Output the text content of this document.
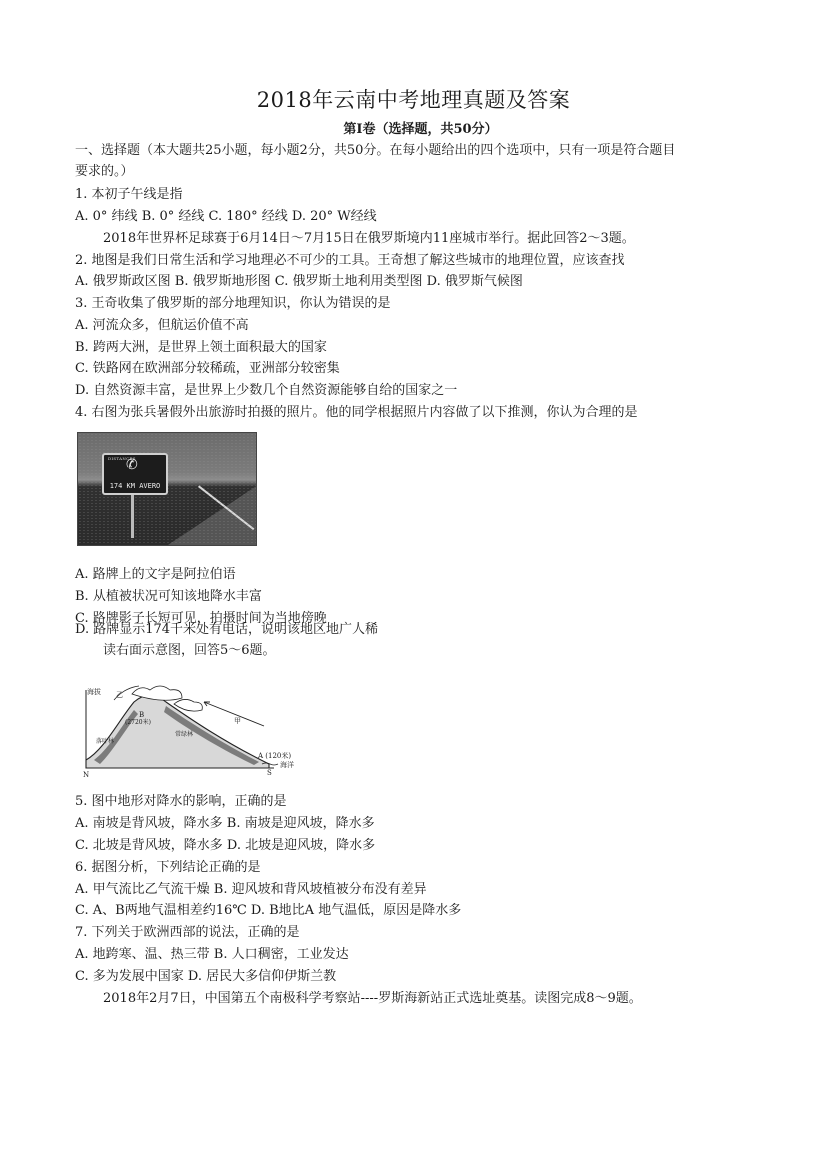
2018年云南中考地理真题及答案
第Ⅰ卷（选择题，共50分）
一、选择题（本大题共25小题，每小题2分，共50分。在每小题给出的四个选项中，只有一项是符合题目
要求的。）
1. 本初子午线是指
A. 0° 纬线 B. 0° 经线 C. 180° 经线 D. 20° W经线
2018年世界杯足球赛于6月14日～7月15日在俄罗斯境内11座城市举行。据此回答2～3题。
2. 地图是我们日常生活和学习地理必不可少的工具。王奇想了解这些城市的地理位置，应该查找
A. 俄罗斯政区图 B. 俄罗斯地形图 C. 俄罗斯土地利用类型图 D. 俄罗斯气候图
3. 王奇收集了俄罗斯的部分地理知识，你认为错误的是
A. 河流众多，但航运价值不高
B. 跨两大洲，是世界上领土面积最大的国家
C. 铁路网在欧洲部分较稀疏，亚洲部分较密集
D. 自然资源丰富，是世界上少数几个自然资源能够自给的国家之一
4. 右图为张兵暑假外出旅游时拍摄的照片。他的同学根据照片内容做了以下推测，你认为合理的是
DISTANCES
✆
174 KM AVERO
A. 路牌上的文字是阿拉伯语
B. 从植被状况可知该地降水丰富
C. 路牌影子长短可见，拍摄时间为当地傍晚
D. 路牌显示174千米处有电话，说明该地区地广人稀
读右面示意图，回答5～6题。
海拔 乙
甲
B
(2720米)
落叶林
常绿林
A (120米)
海洋
N	S
5. 图中地形对降水的影响，正确的是
A. 南坡是背风坡，降水多 B. 南坡是迎风坡，降水多
C. 北坡是背风坡，降水多 D. 北坡是迎风坡，降水多
6. 据图分析，下列结论正确的是
A. 甲气流比乙气流干燥 B. 迎风坡和背风坡植被分布没有差异
C. A、B两地气温相差约16℃ D. B地比A 地气温低，原因是降水多
7. 下列关于欧洲西部的说法，正确的是
A. 地跨寒、温、热三带 B. 人口稠密，工业发达
C. 多为发展中国家 D. 居民大多信仰伊斯兰教
2018年2月7日，中国第五个南极科学考察站----罗斯海新站正式选址奠基。读图完成8～9题。
